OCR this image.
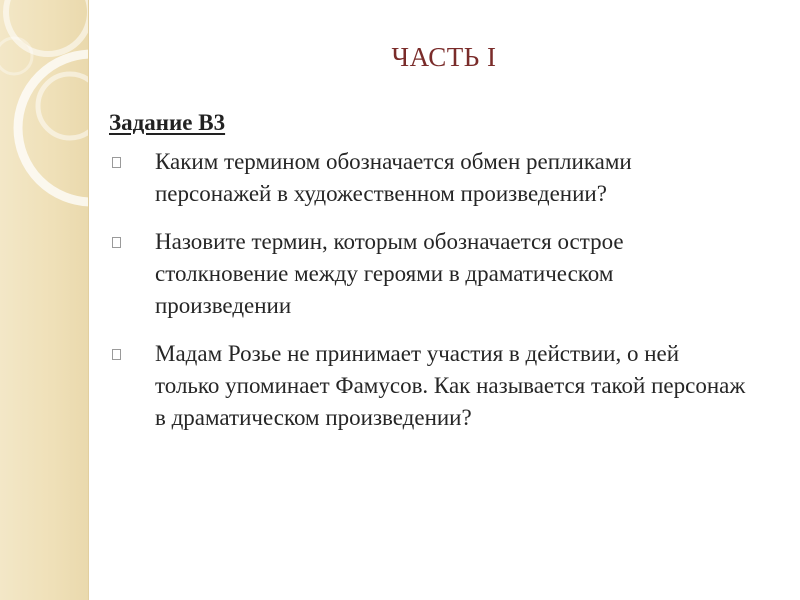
ЧАСТЬ I
Задание В3
Каким термином обозначается обмен репликами персонажей в художественном произведении?
Назовите термин, которым обозначается острое столкновение между героями в драматическом произведении
Мадам Розье не принимает участия в действии, о ней только упоминает Фамусов. Как называется такой персонаж в драматическом произведении?
